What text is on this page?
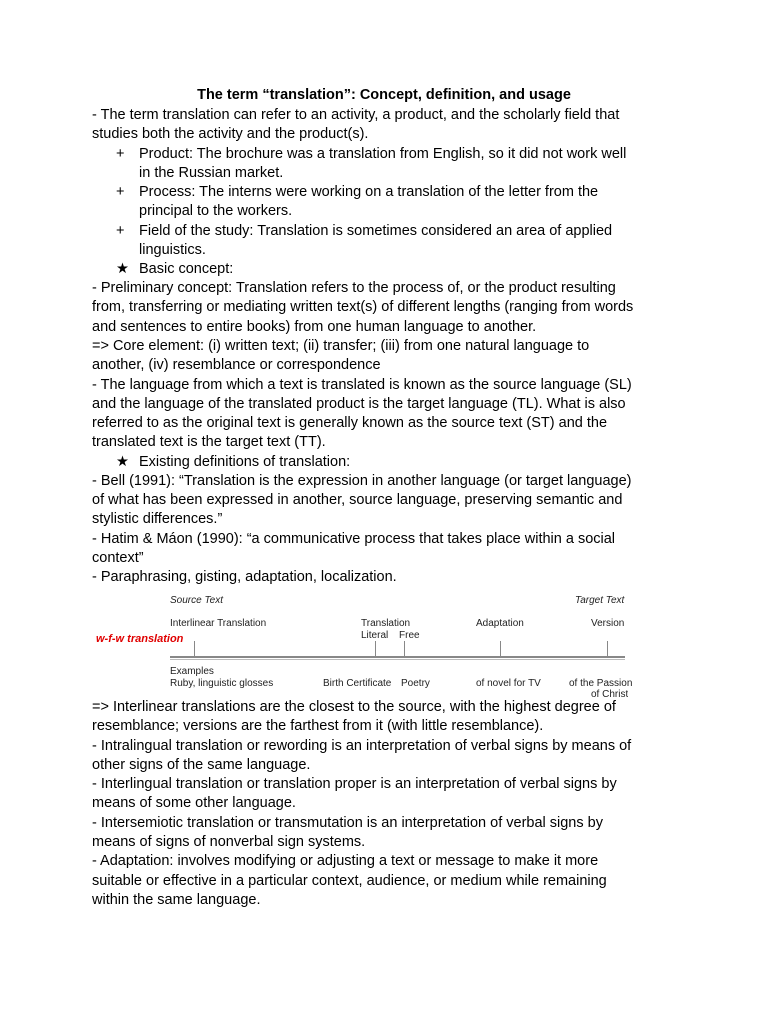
The term “translation”: Concept, definition, and usage
- The term translation can refer to an activity, a product, and the scholarly field that
studies both the activity and the product(s).
+ Product: The brochure was a translation from English, so it did not work well
in the Russian market.
+ Process: The interns were working on a translation of the letter from the
principal to the workers.
+ Field of the study: Translation is sometimes considered an area of applied
linguistics.
★ Basic concept:
- Preliminary concept: Translation refers to the process of, or the product resulting
from, transferring or mediating written text(s) of different lengths (ranging from words
and sentences to entire books) from one human language to another.
=> Core element: (i) written text; (ii) transfer; (iii) from one natural language to
another, (iv) resemblance or correspondence
- The language from which a text is translated is known as the source language (SL)
and the language of the translated product is the target language (TL). What is also
referred to as the original text is generally known as the source text (ST) and the
translated text is the target text (TT).
★ Existing definitions of translation:
- Bell (1991): “Translation is the expression in another language (or target language)
of what has been expressed in another, source language, preserving semantic and
stylistic differences.”
- Hatim & Máon (1990): “a communicative process that takes place within a social
context”
- Paraphrasing, gisting, adaptation, localization.
Source Text	Target Text
Interlinear Translation	Translation
Literal Free
Adaptation	Version
w-f-w translation
Examples
Ruby, linguistic glosses	Birth Certificate Poetry	of novel for TV	of the Passion
of Christ
=> Interlinear translations are the closest to the source, with the highest degree of
resemblance; versions are the farthest from it (with little resemblance).
- Intralingual translation or rewording is an interpretation of verbal signs by means of
other signs of the same language.
- Interlingual translation or translation proper is an interpretation of verbal signs by
means of some other language.
- Intersemiotic translation or transmutation is an interpretation of verbal signs by
means of signs of nonverbal sign systems.
- Adaptation: involves modifying or adjusting a text or message to make it more
suitable or effective in a particular context, audience, or medium while remaining
within the same language.
